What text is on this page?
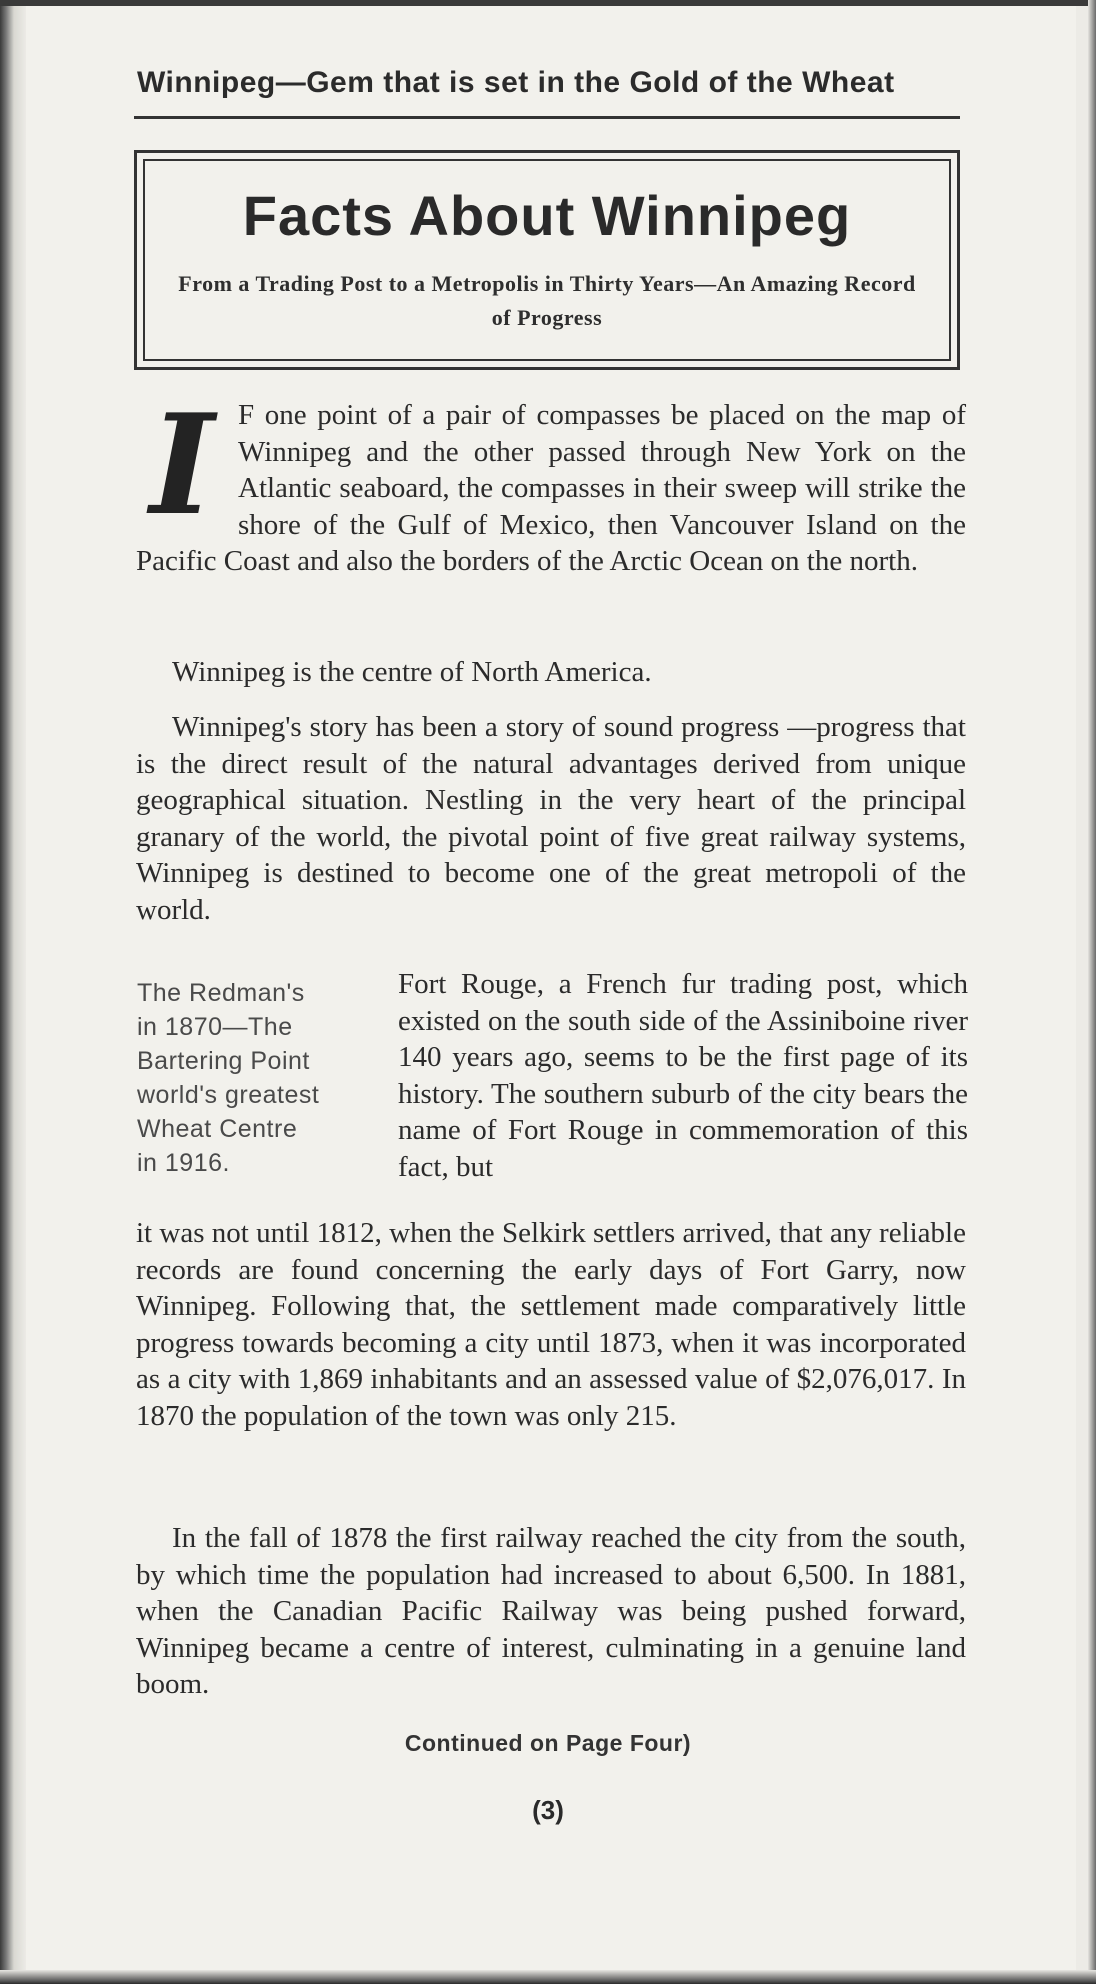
Winnipeg—Gem that is set in the Gold of the Wheat
Facts About Winnipeg
From a Trading Post to a Metropolis in Thirty Years—An Amazing Record of Progress
I F one point of a pair of compasses be placed on the map of Winnipeg and the other passed through New York on the Atlantic seaboard, the compasses in their sweep will strike the shore of the Gulf of Mexico, then Vancouver Island on the Pacific Coast and also the borders of the Arctic Ocean on the north.
Winnipeg is the centre of North America.
Winnipeg's story has been a story of sound progress —progress that is the direct result of the natural advantages derived from unique geographical situation. Nestling in the very heart of the principal granary of the world, the pivotal point of five great railway systems, Winnipeg is destined to become one of the great metropoli of the world.
The Redman's
in 1870—The
Bartering Point
world's greatest
Wheat Centre
in 1916.
Fort Rouge, a French fur trading post, which existed on the south side of the Assiniboine river 140 years ago, seems to be the first page of its history. The southern suburb of the city bears the name of Fort Rouge in commemoration of this fact, but
it was not until 1812, when the Selkirk settlers arrived, that any reliable records are found concerning the early days of Fort Garry, now Winnipeg. Following that, the settlement made comparatively little progress towards becoming a city until 1873, when it was incorporated as a city with 1,869 inhabitants and an assessed value of $2,076,017. In 1870 the population of the town was only 215.
In the fall of 1878 the first railway reached the city from the south, by which time the population had increased to about 6,500. In 1881, when the Canadian Pacific Railway was being pushed forward, Winnipeg became a centre of interest, culminating in a genuine land boom.
Continued on Page Four)
(3)
